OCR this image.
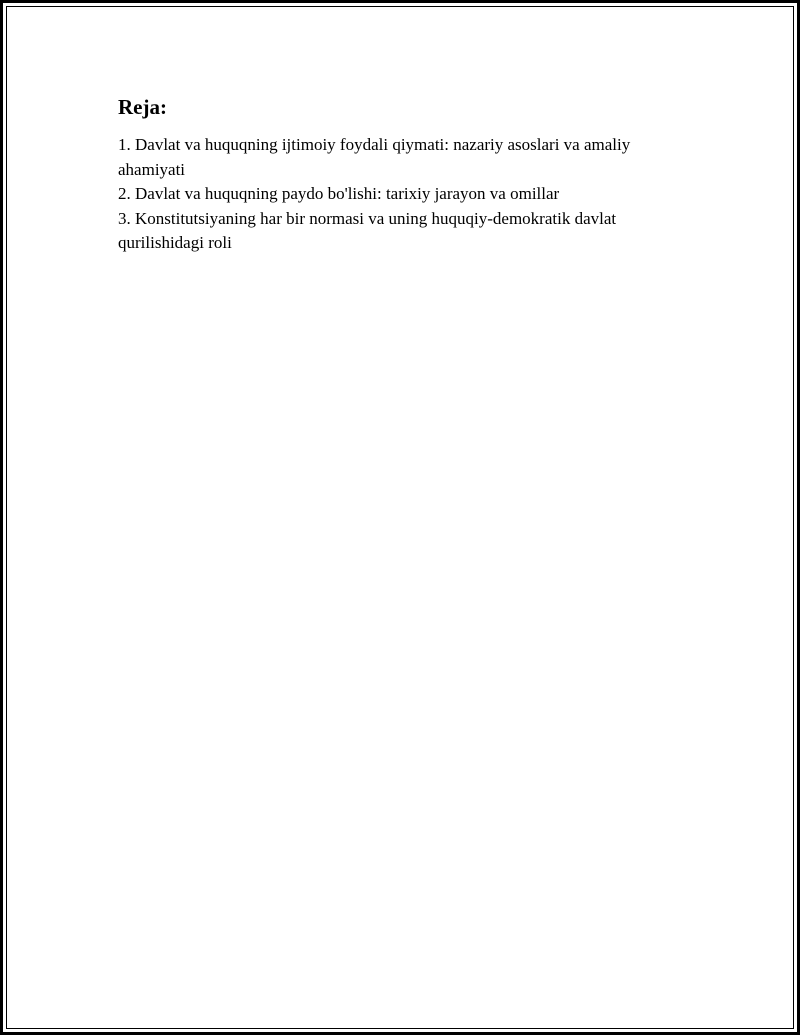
Reja:
1. Davlat va huquqning ijtimoiy foydali qiymati: nazariy asoslari va amaliy ahamiyati
2. Davlat va huquqning paydo bo'lishi: tarixiy jarayon va omillar
3. Konstitutsiyaning har bir normasi va uning huquqiy-demokratik davlat qurilishidagi roli
